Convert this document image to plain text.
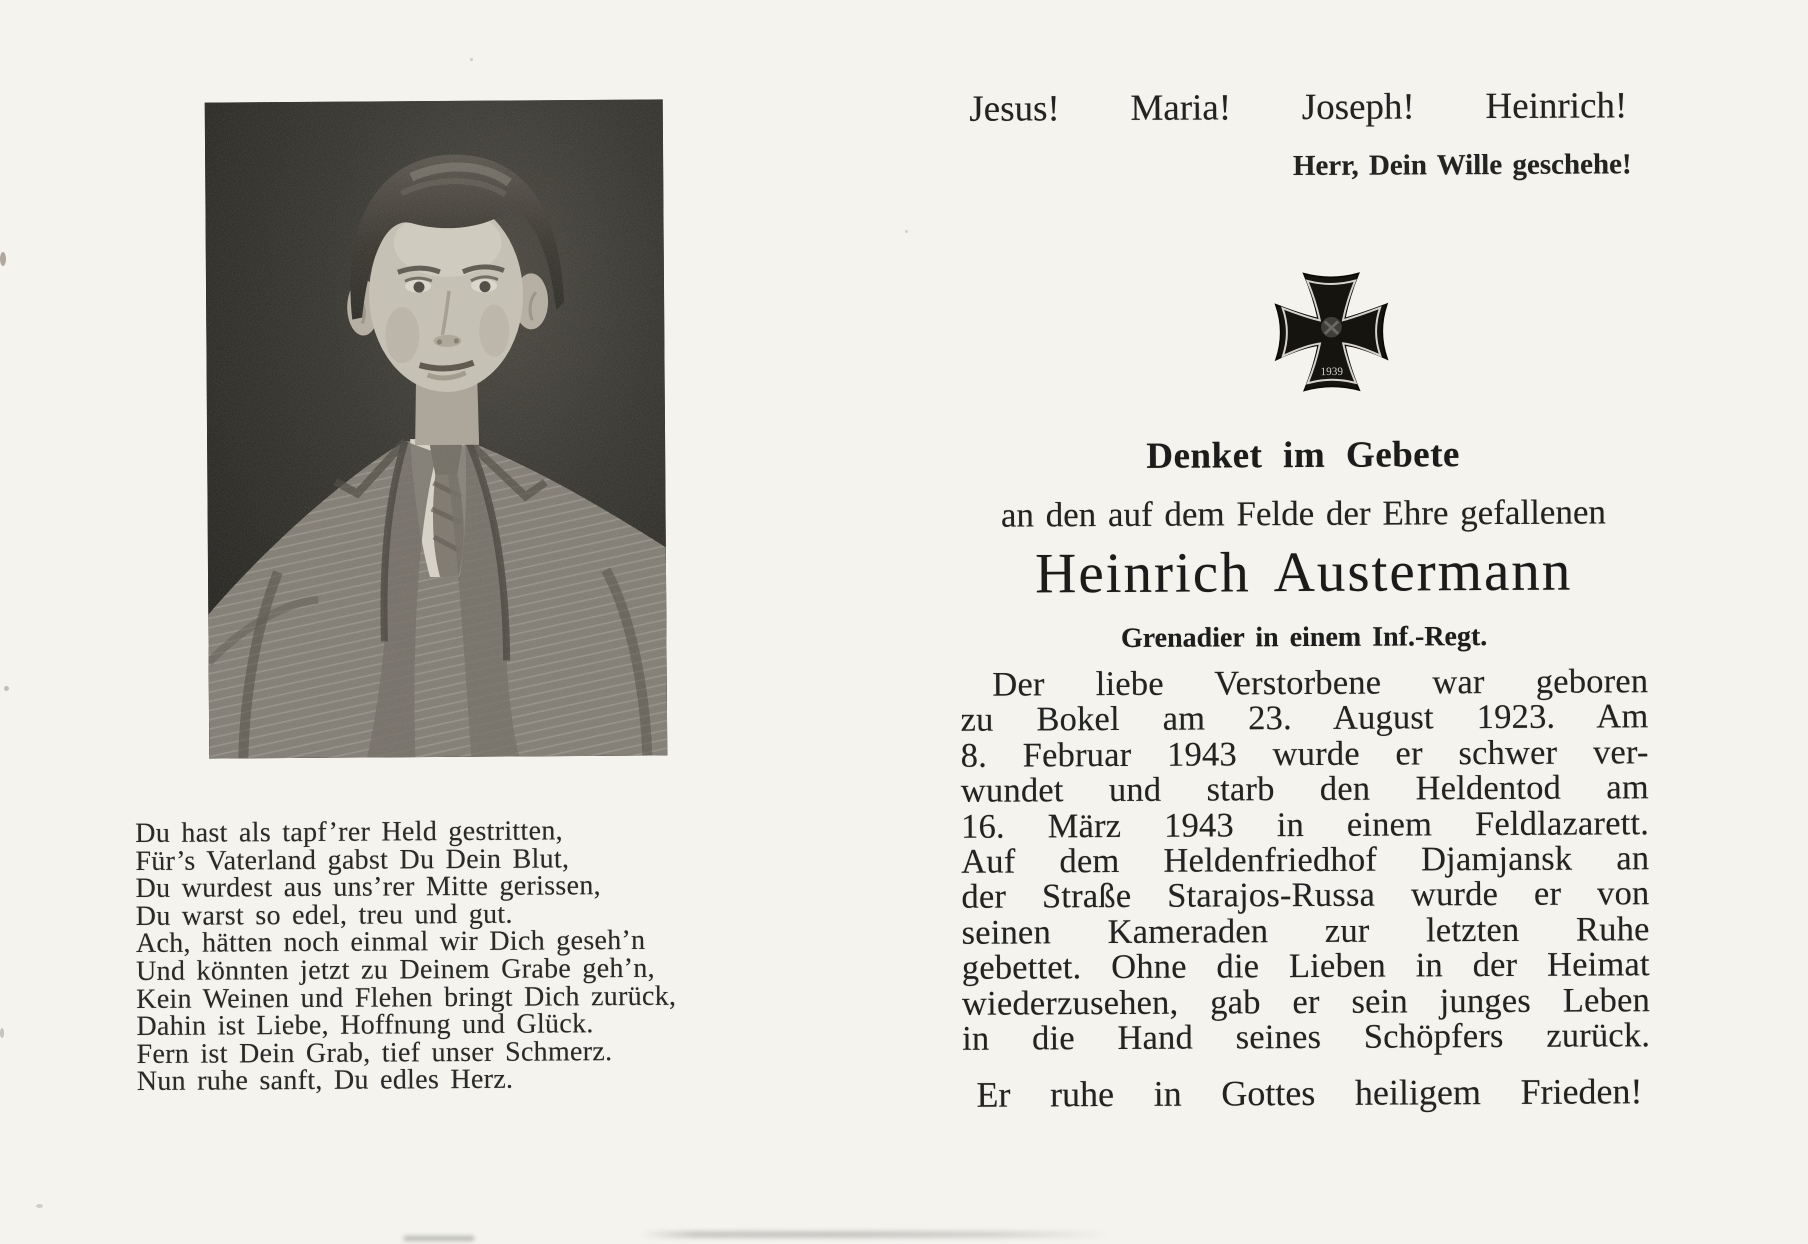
Du hast als tapf’rer Held gestritten,
Für’s Vaterland gabst Du Dein Blut,
Du wurdest aus uns’rer Mitte gerissen,
Du warst so edel, treu und gut.
Ach, hätten noch einmal wir Dich geseh’n
Und könnten jetzt zu Deinem Grabe geh’n,
Kein Weinen und Flehen bringt Dich zurück,
Dahin ist Liebe, Hoffnung und Glück.
Fern ist Dein Grab, tief unser Schmerz.
Nun ruhe sanft, Du edles Herz.
Jesus! Maria! Joseph! Heinrich!
Herr, Dein Wille geschehe!
1939
Denket im Gebete
an den auf dem Felde der Ehre gefallenen
Heinrich Austermann
Grenadier in einem Inf.-Regt.
Der liebe Verstorbene war geboren
zu Bokel am 23. August 1923. Am
8. Februar 1943 wurde er schwer ver-
wundet und starb den Heldentod am
16. März 1943 in einem Feldlazarett.
Auf dem Heldenfriedhof Djamjansk an
der Straße Starajos-Russa wurde er von
seinen Kameraden zur letzten Ruhe
gebettet. Ohne die Lieben in der Heimat
wiederzusehen, gab er sein junges Leben
in die Hand seines Schöpfers zurück.
Er ruhe in Gottes heiligem Frieden!
